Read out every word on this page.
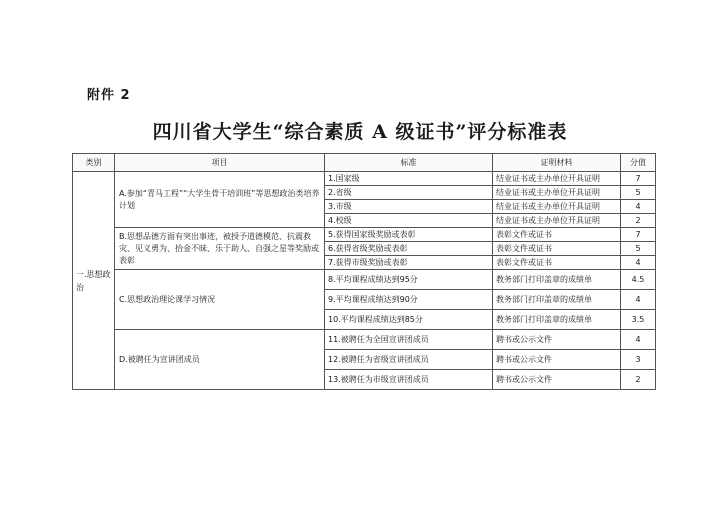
附件 2
四川省大学生“综合素质 A 级证书”评分标准表
类别	项目	标准	证明材料	分值
一.思想政治	A.参加“青马工程”“大学生骨干培训班”等思想政治类培养计划	1.国家级	结业证书或主办单位开具证明	7
		2.省级	结业证书或主办单位开具证明	5
		3.市级	结业证书或主办单位开具证明	4
		4.校级	结业证书或主办单位开具证明	2
	B.思想品德方面有突出事迹，被授予道德模范、抗震救灾、见义勇为、拾金不昧、乐于助人、自强之星等奖励或表彰	5.获得国家级奖励或表彰	表彰文件或证书	7
		6.获得省级奖励或表彰	表彰文件或证书	5
		7.获得市级奖励或表彰	表彰文件或证书	4
	C.思想政治理论课学习情况	8.平均课程成绩达到95分	教务部门打印盖章的成绩单	4.5
		9.平均课程成绩达到90分	教务部门打印盖章的成绩单	4
		10.平均课程成绩达到85分	教务部门打印盖章的成绩单	3.5
	D.被聘任为宣讲团成员	11.被聘任为全国宣讲团成员	聘书或公示文件	4
		12.被聘任为省级宣讲团成员	聘书或公示文件	3
		13.被聘任为市级宣讲团成员	聘书或公示文件	2
